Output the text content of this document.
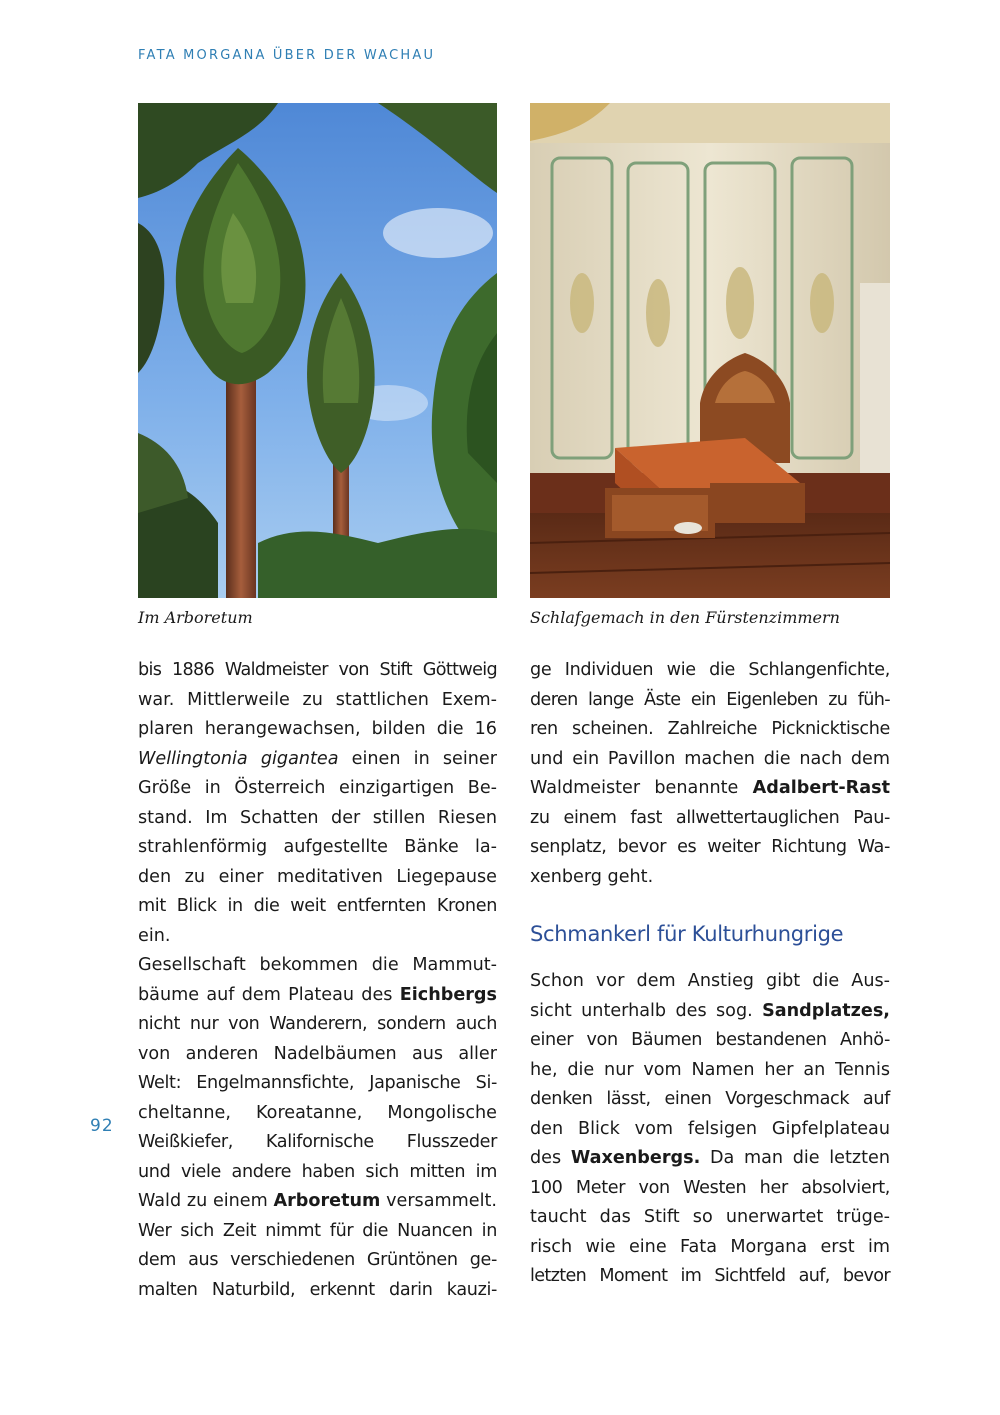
FATA MORGANA ÜBER DER WACHAU
Im Arboretum	Schlafgemach in den Fürstenzimmern
bis 1886 Waldmeister von Stift Göttweig
war. Mittlerweile zu stattlichen Exem-
plaren herangewachsen, bilden die 16
Wellingtonia gigantea einen in seiner
Größe in Österreich einzigartigen Be-
stand. Im Schatten der stillen Riesen
strahlenförmig aufgestellte Bänke la-
den zu einer meditativen Liegepause
mit Blick in die weit entfernten Kronen
ein.
Gesellschaft bekommen die Mammut-
bäume auf dem Plateau des Eichbergs
nicht nur von Wanderern, sondern auch
von anderen Nadelbäumen aus aller
Welt: Engelmannsfichte, Japanische Si-
cheltanne, Koreatanne, Mongolische
Weißkiefer, Kalifornische Flusszeder
und viele andere haben sich mitten im
Wald zu einem Arboretum versammelt.
Wer sich Zeit nimmt für die Nuancen in
dem aus verschiedenen Grüntönen ge-
malten Naturbild, erkennt darin kauzi-
ge Individuen wie die Schlangenfichte,
deren lange Äste ein Eigenleben zu füh-
ren scheinen. Zahlreiche Picknicktische
und ein Pavillon machen die nach dem
Waldmeister benannte Adalbert-Rast
zu einem fast allwettertauglichen Pau-
senplatz, bevor es weiter Richtung Wa-
xenberg geht.
Schmankerl für Kulturhungrige
Schon vor dem Anstieg gibt die Aus-
sicht unterhalb des sog. Sandplatzes,
einer von Bäumen bestandenen Anhö-
he, die nur vom Namen her an Tennis
denken lässt, einen Vorgeschmack auf
den Blick vom felsigen Gipfelplateau
des Waxenbergs. Da man die letzten
100 Meter von Westen her absolviert,
taucht das Stift so unerwartet trüge-
risch wie eine Fata Morgana erst im
letzten Moment im Sichtfeld auf, bevor
92
